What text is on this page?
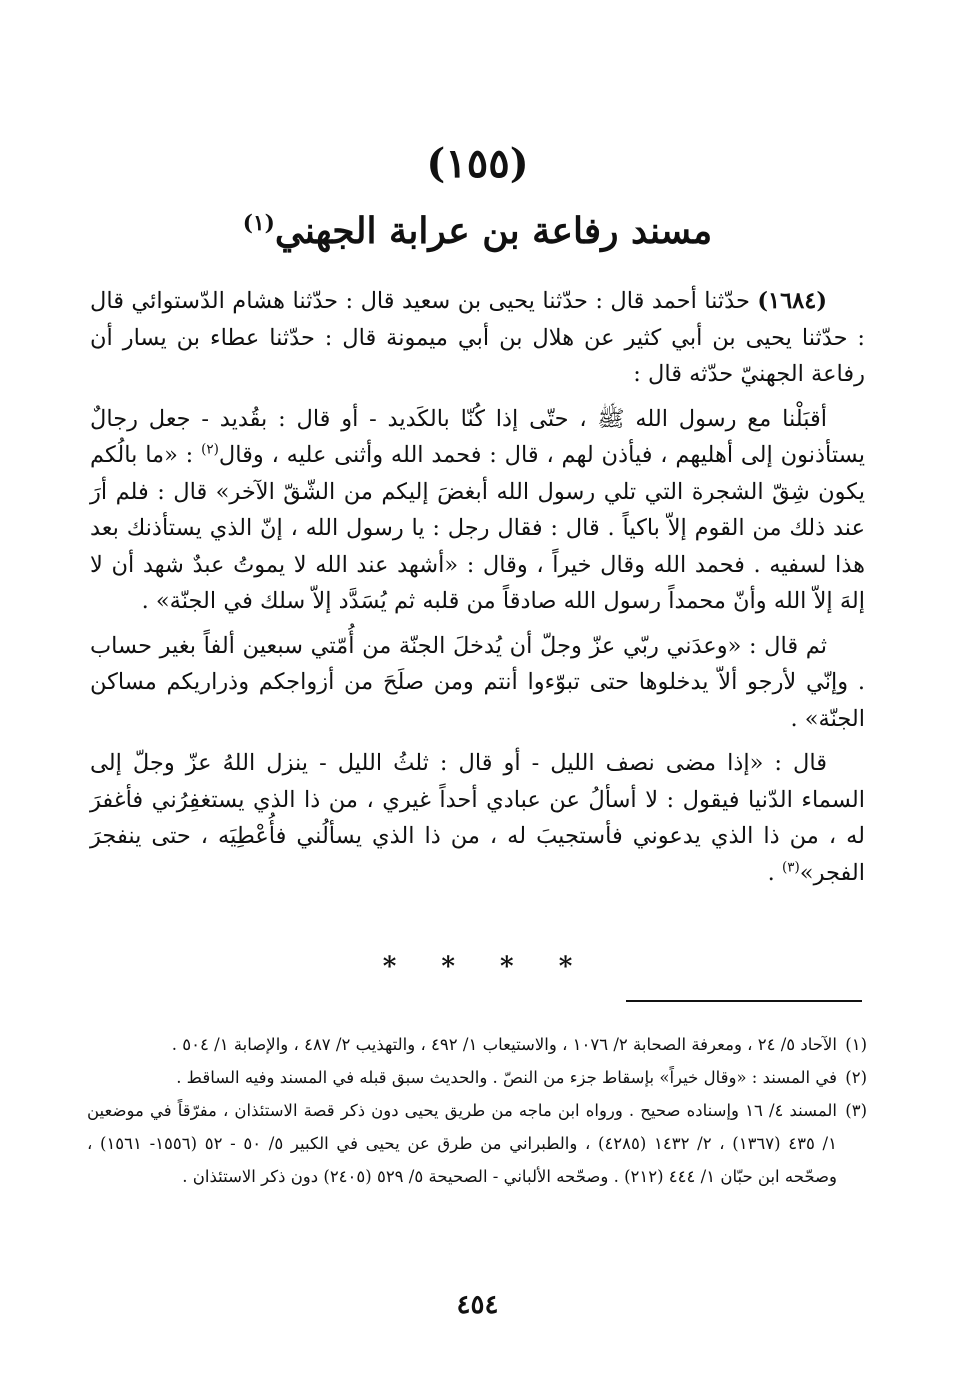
(١٥٥)
مسند رفاعة بن عرابة الجهني$^{(١)}$

(١٦٨٤) حدّثنا أحمد قال : حدّثنا يحيى بن سعيد قال : حدّثنا هشام الدّستوائي قال : حدّثنا يحيى بن أبي كثير عن هلال بن أبي ميمونة قال : حدّثنا عطاء بن يسار أن رفاعة الجهنيّ حدّثه قال :

أقبَلْنا مع رسول الله ﷺ ، حتّى إذا كُنّا بالكَديد - أو قال : بقُديد - جعل رجالٌ يستأذنون إلى أهليهم ، فيأذن لهم ، قال : فحمد الله وأثنى عليه ، وقال$^{(٢)}$ : «ما بالُكم يكون شِقّ الشجرة التي تلي رسول الله أبغضَ إليكم من الشّقّ الآخر» قال : فلم أرَ عند ذلك من القوم إلاّ باكياً . قال : فقال رجل : يا رسول الله ، إنّ الذي يستأذنك بعد هذا لسفيه . فحمد الله وقال خيراً ، وقال : «أشهد عند الله لا يموتُ عبدٌ شهد أن لا إلهَ إلاّ الله وأنّ محمداً رسول الله صادقاً من قلبه ثم يُسَدَّد إلاّ سلك في الجنّة» .

ثم قال : «وعدَني ربّي عزّ وجلّ أن يُدخلَ الجنّة من أُمّتي سبعين ألفاً بغير حساب . وإنّي لأرجو ألاّ يدخلوها حتى تبوّءوا أنتم ومن صلَحَ من أزواجكم وذراريكم مساكن الجنّة» .

قال : «إذا مضى نصف الليل - أو قال : ثلثُ الليل - ينزل اللهُ عزّ وجلّ إلى السماء الدّنيا فيقول : لا أسألُ عن عبادي أحداً غيري ، من ذا الذي يستغفِرُني فأغفرَ له ، من ذا الذي يدعوني فأستجيبَ له ، من ذا الذي يسألُني فأُعْطِيَه ، حتى ينفجرَ الفجر»$^{(٣)}$ .

* * * *

(١)
الآحاد ٥/ ٢٤ ، ومعرفة الصحابة ٢/ ١٠٧٦ ، والاستيعاب ١/ ٤٩٢ ، والتهذيب ٢/ ٤٨٧ ، والإصابة ١/ ٥٠٤ .

(٢)
في المسند : «وقال خيراً» بإسقاط جزء من النصّ . والحديث سبق قبله في المسند وفيه الساقط .

(٣)
المسند ٤/ ١٦ وإسناده صحيح . ورواه ابن ماجه من طريق يحيى دون ذكر قصة الاستئذان ، مفرّقاً في موضعين ١/ ٤٣٥ (١٣٦٧) ، ٢/ ١٤٣٢ (٤٢٨٥) ، والطبراني من طرق عن يحيى في الكبير ٥/ ٥٠ - ٥٢ (١٥٥٦- ١٥٦١) ، وصحّحه ابن حبّان ١/ ٤٤٤ (٢١٢) . وصحّحه الألباني - الصحيحة ٥/ ٥٢٩ (٢٤٠٥) دون ذكر الاستئذان .

٤٥٤
